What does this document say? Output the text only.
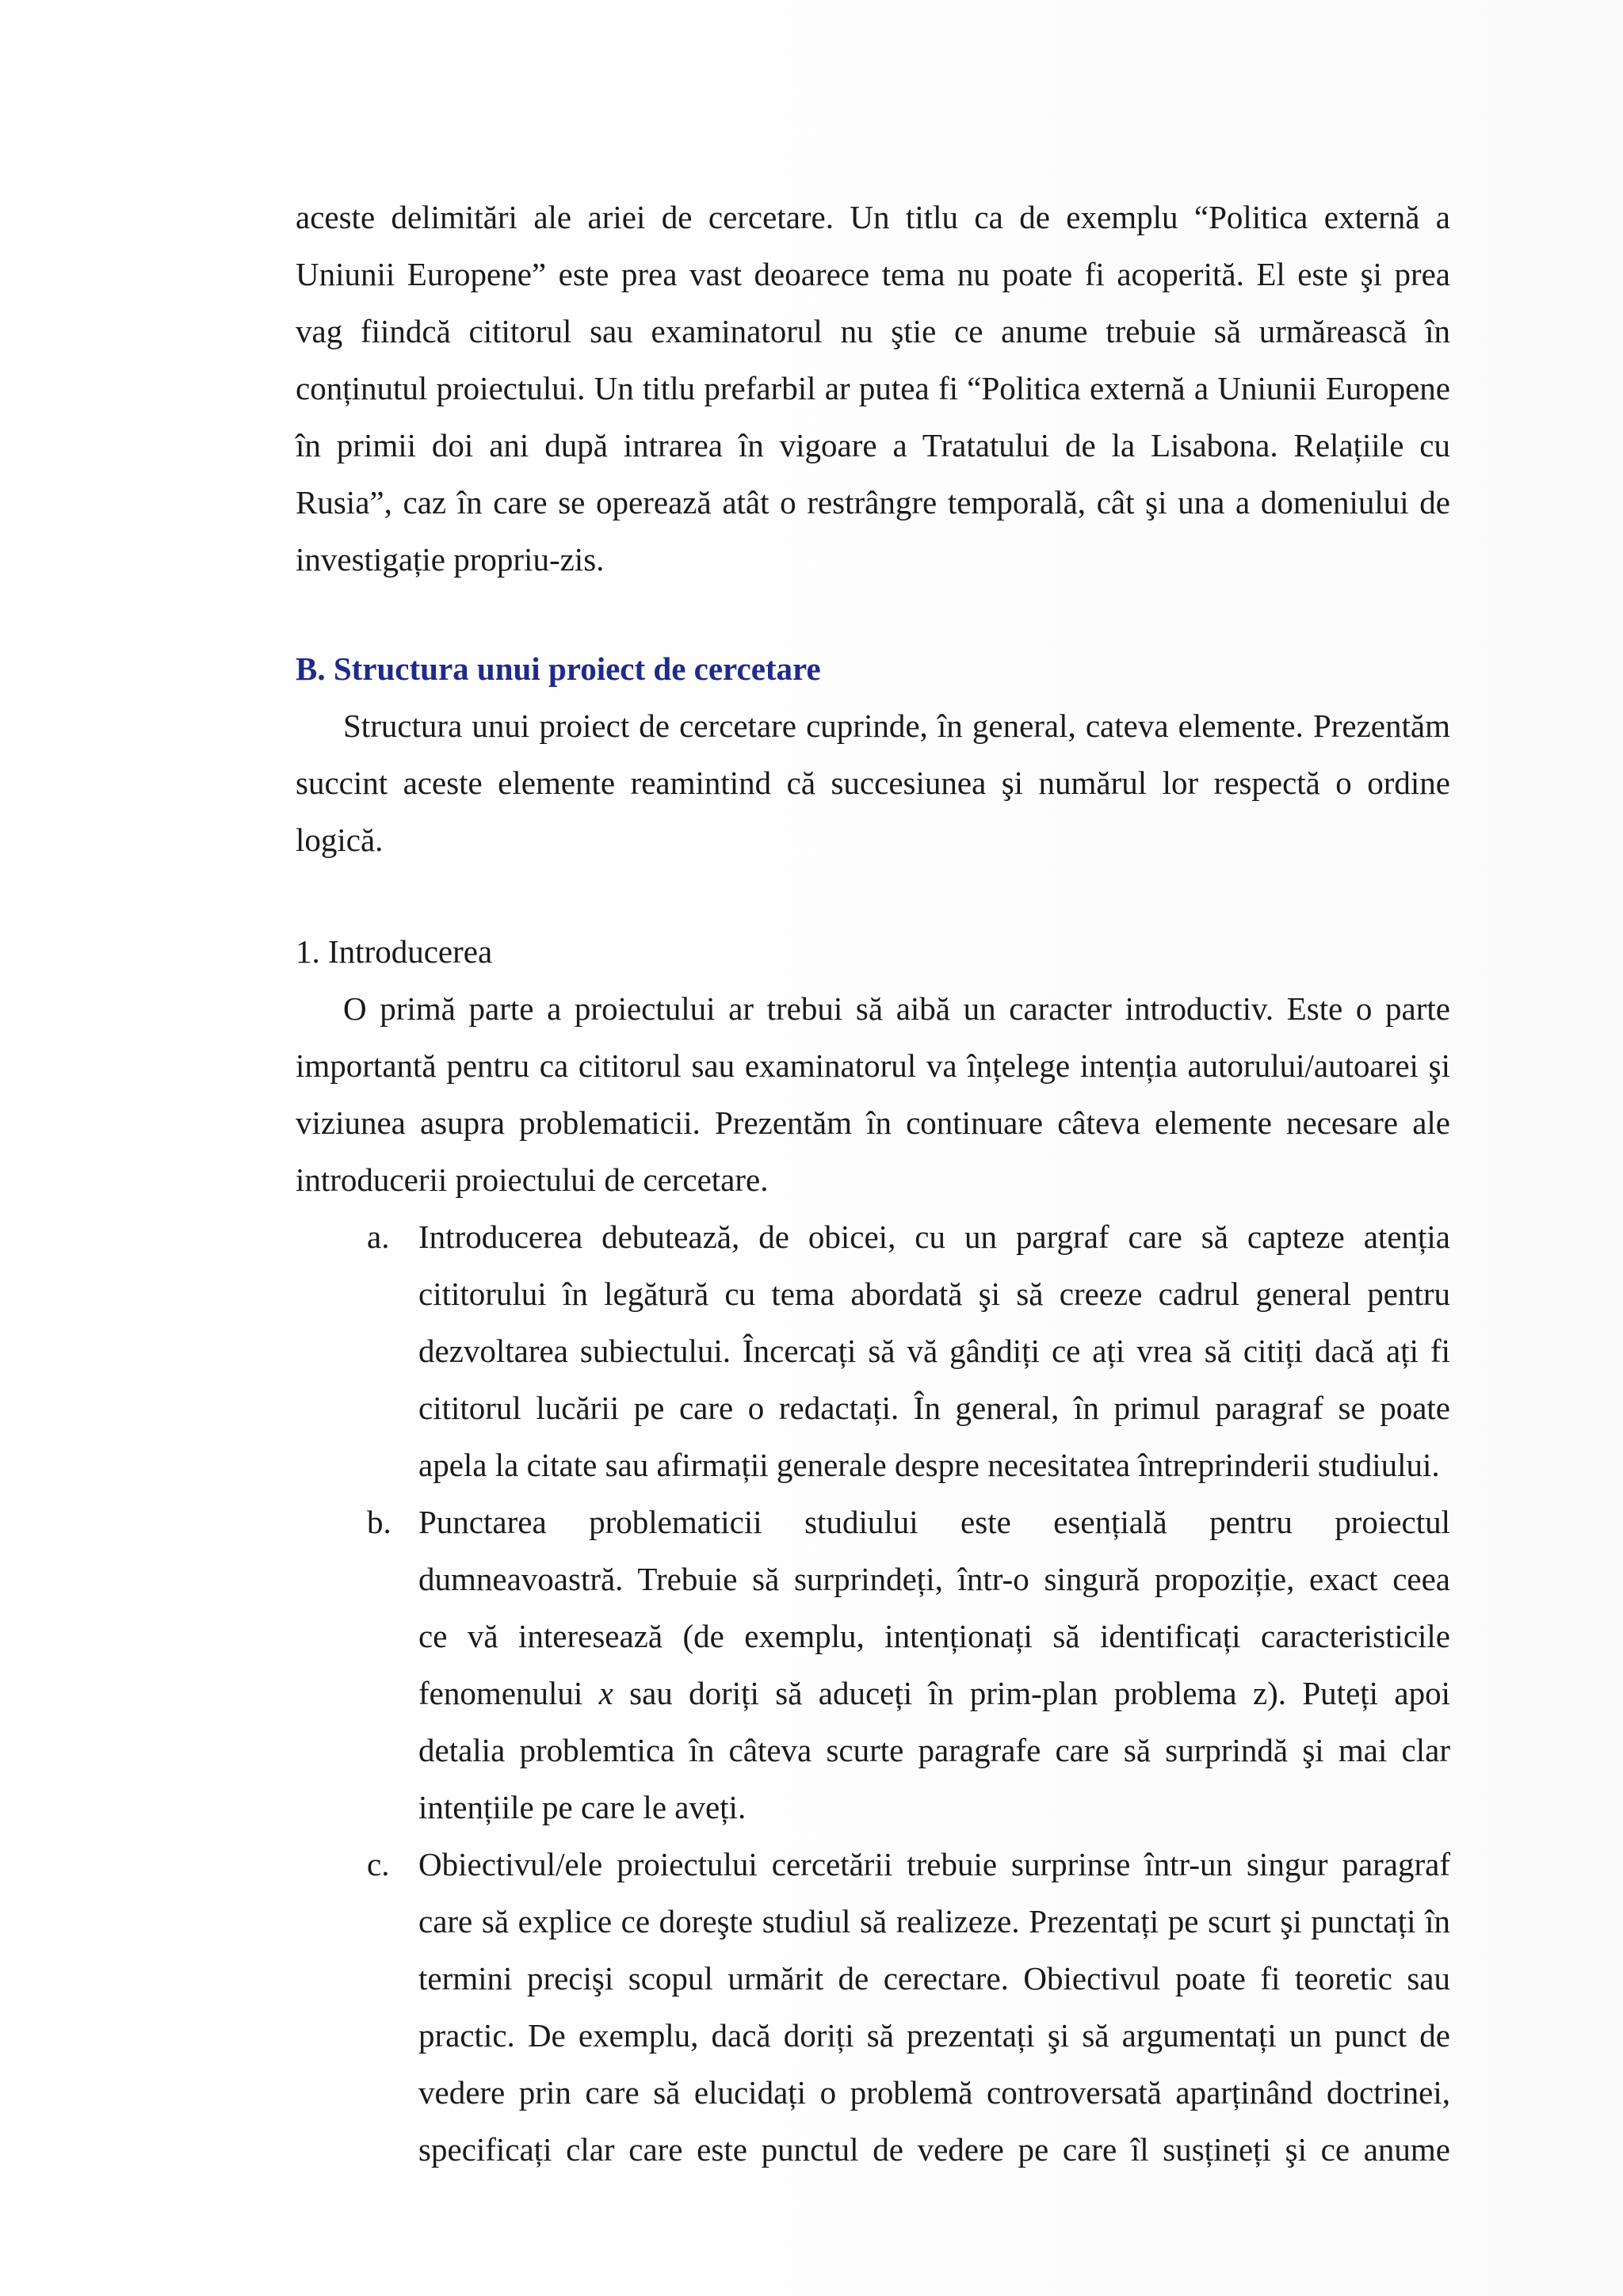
aceste delimitări ale ariei de cercetare. Un titlu ca de exemplu “Politica externă a
Uniunii Europene” este prea vast deoarece tema nu poate fi acoperită. El este şi prea
vag fiindcă cititorul sau examinatorul nu ştie ce anume trebuie să urmărească în
conținutul proiectului. Un titlu prefarbil ar putea fi “Politica externă a Uniunii Europene
în primii doi ani după intrarea în vigoare a Tratatului de la Lisabona. Relațiile cu
Rusia”, caz în care se operează atât o restrângre temporală, cât şi una a domeniului de
investigație propriu-zis.
B. Structura unui proiect de cercetare
Structura unui proiect de cercetare cuprinde, în general, cateva elemente. Prezentăm
succint aceste elemente reamintind că succesiunea şi numărul lor respectă o ordine
logică.
1. Introducerea
O primă parte a proiectului ar trebui să aibă un caracter introductiv. Este o parte
importantă pentru ca cititorul sau examinatorul va înțelege intenția autorului/autoarei şi
viziunea asupra problematicii. Prezentăm în continuare câteva elemente necesare ale
introducerii proiectului de cercetare.
a. Introducerea debutează, de obicei, cu un pargraf care să capteze atenția
cititorului în legătură cu tema abordată şi să creeze cadrul general pentru
dezvoltarea subiectului. Încercați să vă gândiți ce ați vrea să citiți dacă ați fi
cititorul lucării pe care o redactați. În general, în primul paragraf se poate
apela la citate sau afirmații generale despre necesitatea întreprinderii studiului.
b. Punctarea problematicii studiului este esențială pentru proiectul
dumneavoastră. Trebuie să surprindeți, într-o singură propoziție, exact ceea
ce vă interesează (de exemplu, intenționați să identificați caracteristicile
fenomenului x sau doriți să aduceți în prim-plan problema z). Puteți apoi
detalia problemtica în câteva scurte paragrafe care să surprindă şi mai clar
intențiile pe care le aveți.
c. Obiectivul/ele proiectului cercetării trebuie surprinse într-un singur paragraf
care să explice ce doreşte studiul să realizeze. Prezentați pe scurt şi punctați în
termini precişi scopul urmărit de cerectare. Obiectivul poate fi teoretic sau
practic. De exemplu, dacă doriți să prezentați şi să argumentați un punct de
vedere prin care să elucidați o problemă controversată aparținând doctrinei,
specificați clar care este punctul de vedere pe care îl susțineți şi ce anume
